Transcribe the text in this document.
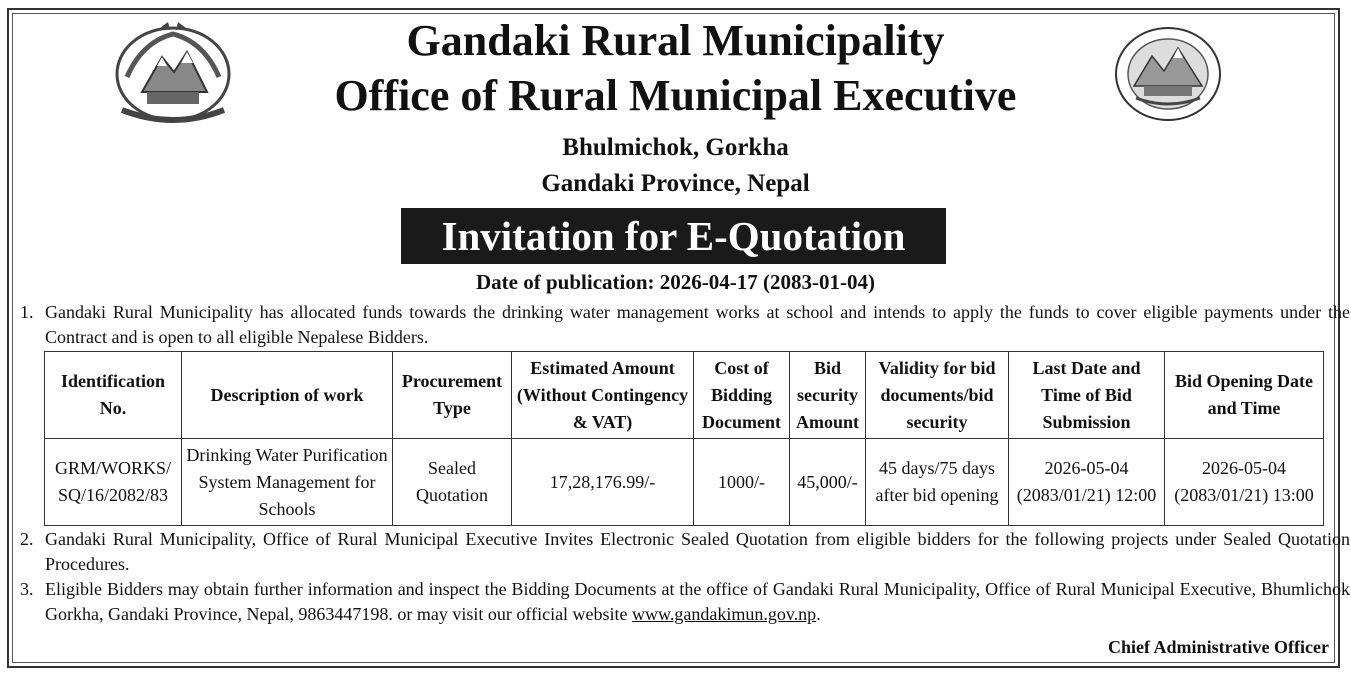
Gandaki Rural Municipality
Office of Rural Municipal Executive
Bhulmichok, Gorkha
Gandaki Province, Nepal
Invitation for E-Quotation
Date of publication: 2026-04-17 (2083-01-04)
1. Gandaki Rural Municipality has allocated funds towards the drinking water management works at school and intends to apply the funds to cover eligible payments under the Contract and is open to all eligible Nepalese Bidders.
Identification No.	Description of work	Procurement Type	Estimated Amount (Without Contingency & VAT)	Cost of Bidding Document	Bid security Amount	Validity for bid documents/bid security	Last Date and Time of Bid Submission	Bid Opening Date and Time
GRM/WORKS/ SQ/16/2082/83	Drinking Water Purification System Management for Schools	Sealed Quotation	17,28,176.99/-	1000/-	45,000/-	45 days/75 days after bid opening	2026-05-04 (2083/01/21) 12:00	2026-05-04 (2083/01/21) 13:00
2. Gandaki Rural Municipality, Office of Rural Municipal Executive Invites Electronic Sealed Quotation from eligible bidders for the following projects under Sealed Quotation Procedures.
3. Eligible Bidders may obtain further information and inspect the Bidding Documents at the office of Gandaki Rural Municipality, Office of Rural Municipal Executive, Bhumlichok Gorkha, Gandaki Province, Nepal, 9863447198. or may visit our official website www.gandakimun.gov.np.
Chief Administrative Officer
